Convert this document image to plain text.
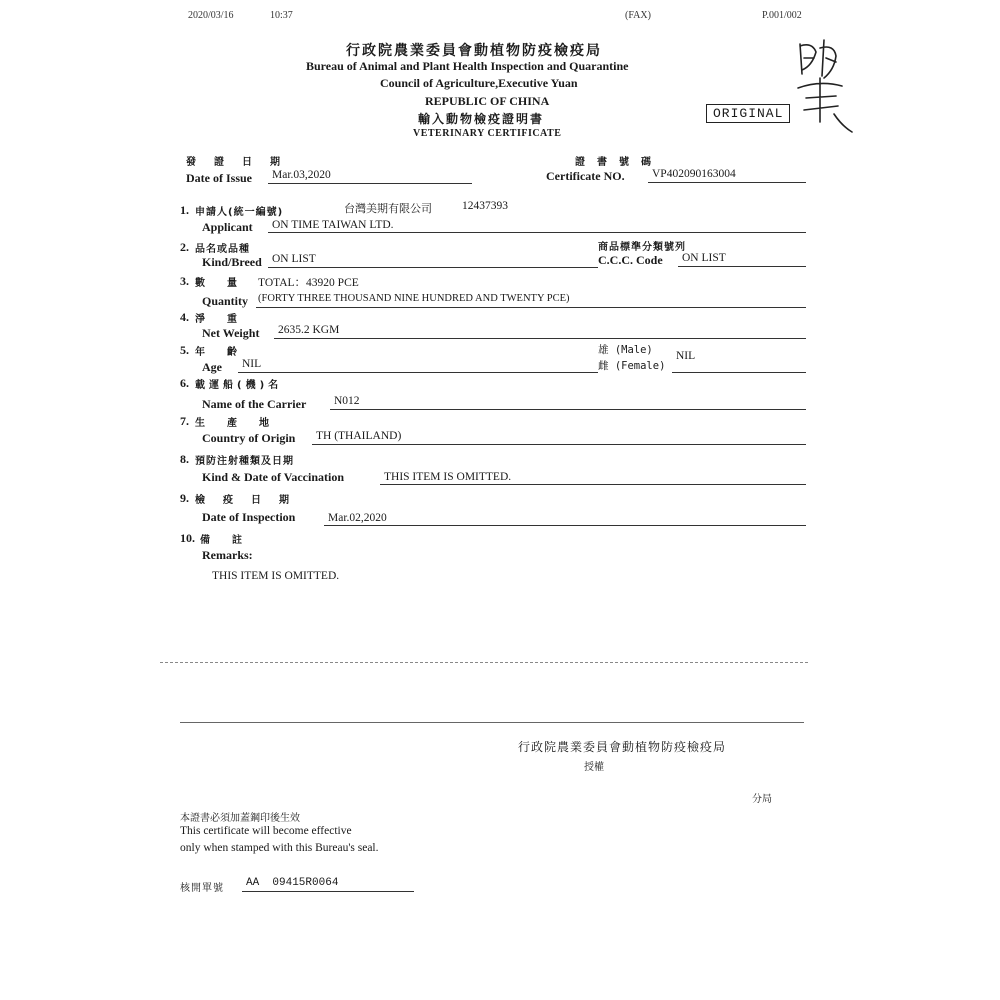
2020/03/16	10:37	(FAX)	P.001/002
行政院農業委員會動植物防疫檢疫局
Bureau of Animal and Plant Health Inspection and Quarantine
Council of Agriculture,Executive Yuan
REPUBLIC OF CHINA
輸入動物檢疫證明書
VETERINARY CERTIFICATE
ORIGINAL
發證日期
Date of Issue Mar.03,2020
證書號碼
Certificate NO. VP402090163004
1. 申請人(統一編號)	台灣美期有限公司	12437393
Applicant ON TIME TAIWAN LTD.
2. 品名或品種
Kind/Breed ON LIST
商品標準分類號列
C.C.C. Code ON LIST
3. 數量 TOTAL：43920 PCE
Quantity (FORTY THREE THOUSAND NINE HUNDRED AND TWENTY PCE)
4. 淨重
Net Weight 2635.2 KGM
5. 年齡
Age NIL
雄 (Male)
雌 (Female)
NIL
6. 載運船(機)名
Name of the Carrier N012
7. 生產地
Country of Origin TH (THAILAND)
8. 預防注射種類及日期
Kind & Date of Vaccination	THIS ITEM IS OMITTED.
9. 檢疫日期
Date of Inspection	Mar.02,2020
10. 備註
Remarks:
THIS ITEM IS OMITTED.
行政院農業委員會動植物防疫檢疫局
授權
分局
本證書必須加蓋鋼印後生效
This certificate will become effective
only when stamped with this Bureau's seal.
核開單號 AA  09415R0064
